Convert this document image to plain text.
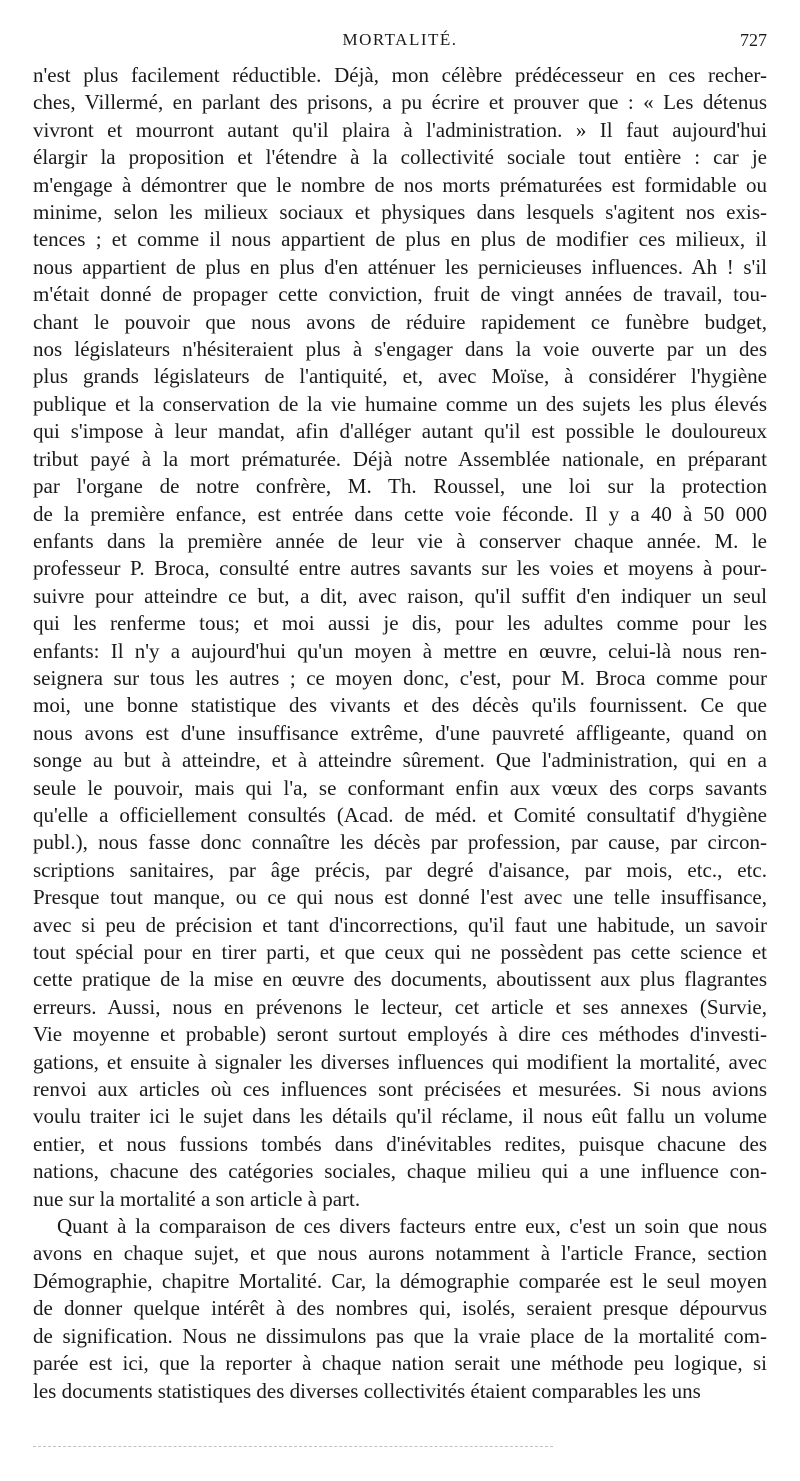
MORTALITÉ.	727
n'est plus facilement réductible. Déjà, mon célèbre prédécesseur en ces recher-
ches, Villermé, en parlant des prisons, a pu écrire et prouver que : « Les détenus
vivront et mourront autant qu'il plaira à l'administration. » Il faut aujourd'hui
élargir la proposition et l'étendre à la collectivité sociale tout entière : car je
m'engage à démontrer que le nombre de nos morts prématurées est formidable ou
minime, selon les milieux sociaux et physiques dans lesquels s'agitent nos exis-
tences ; et comme il nous appartient de plus en plus de modifier ces milieux, il
nous appartient de plus en plus d'en atténuer les pernicieuses influences. Ah ! s'il
m'était donné de propager cette conviction, fruit de vingt années de travail, tou-
chant le pouvoir que nous avons de réduire rapidement ce funèbre budget,
nos législateurs n'hésiteraient plus à s'engager dans la voie ouverte par un des
plus grands législateurs de l'antiquité, et, avec Moïse, à considérer l'hygiène
publique et la conservation de la vie humaine comme un des sujets les plus élevés
qui s'impose à leur mandat, afin d'alléger autant qu'il est possible le douloureux
tribut payé à la mort prématurée. Déjà notre Assemblée nationale, en préparant
par l'organe de notre confrère, M. Th. Roussel, une loi sur la protection
de la première enfance, est entrée dans cette voie féconde. Il y a 40 à 50 000
enfants dans la première année de leur vie à conserver chaque année. M. le
professeur P. Broca, consulté entre autres savants sur les voies et moyens à pour-
suivre pour atteindre ce but, a dit, avec raison, qu'il suffit d'en indiquer un seul
qui les renferme tous; et moi aussi je dis, pour les adultes comme pour les
enfants: Il n'y a aujourd'hui qu'un moyen à mettre en œuvre, celui-là nous ren-
seignera sur tous les autres ; ce moyen donc, c'est, pour M. Broca comme pour
moi, une bonne statistique des vivants et des décès qu'ils fournissent. Ce que
nous avons est d'une insuffisance extrême, d'une pauvreté affligeante, quand on
songe au but à atteindre, et à atteindre sûrement. Que l'administration, qui en a
seule le pouvoir, mais qui l'a, se conformant enfin aux vœux des corps savants
qu'elle a officiellement consultés (Acad. de méd. et Comité consultatif d'hygiène
publ.), nous fasse donc connaître les décès par profession, par cause, par circon-
scriptions sanitaires, par âge précis, par degré d'aisance, par mois, etc., etc.
Presque tout manque, ou ce qui nous est donné l'est avec une telle insuffisance,
avec si peu de précision et tant d'incorrections, qu'il faut une habitude, un savoir
tout spécial pour en tirer parti, et que ceux qui ne possèdent pas cette science et
cette pratique de la mise en œuvre des documents, aboutissent aux plus flagrantes
erreurs. Aussi, nous en prévenons le lecteur, cet article et ses annexes (Survie,
Vie moyenne et probable) seront surtout employés à dire ces méthodes d'investi-
gations, et ensuite à signaler les diverses influences qui modifient la mortalité, avec
renvoi aux articles où ces influences sont précisées et mesurées. Si nous avions
voulu traiter ici le sujet dans les détails qu'il réclame, il nous eût fallu un volume
entier, et nous fussions tombés dans d'inévitables redites, puisque chacune des
nations, chacune des catégories sociales, chaque milieu qui a une influence con-
nue sur la mortalité a son article à part.
Quant à la comparaison de ces divers facteurs entre eux, c'est un soin que nous
avons en chaque sujet, et que nous aurons notamment à l'article France, section
Démographie, chapitre Mortalité. Car, la démographie comparée est le seul moyen
de donner quelque intérêt à des nombres qui, isolés, seraient presque dépourvus
de signification. Nous ne dissimulons pas que la vraie place de la mortalité com-
parée est ici, que la reporter à chaque nation serait une méthode peu logique, si
les documents statistiques des diverses collectivités étaient comparables les uns
